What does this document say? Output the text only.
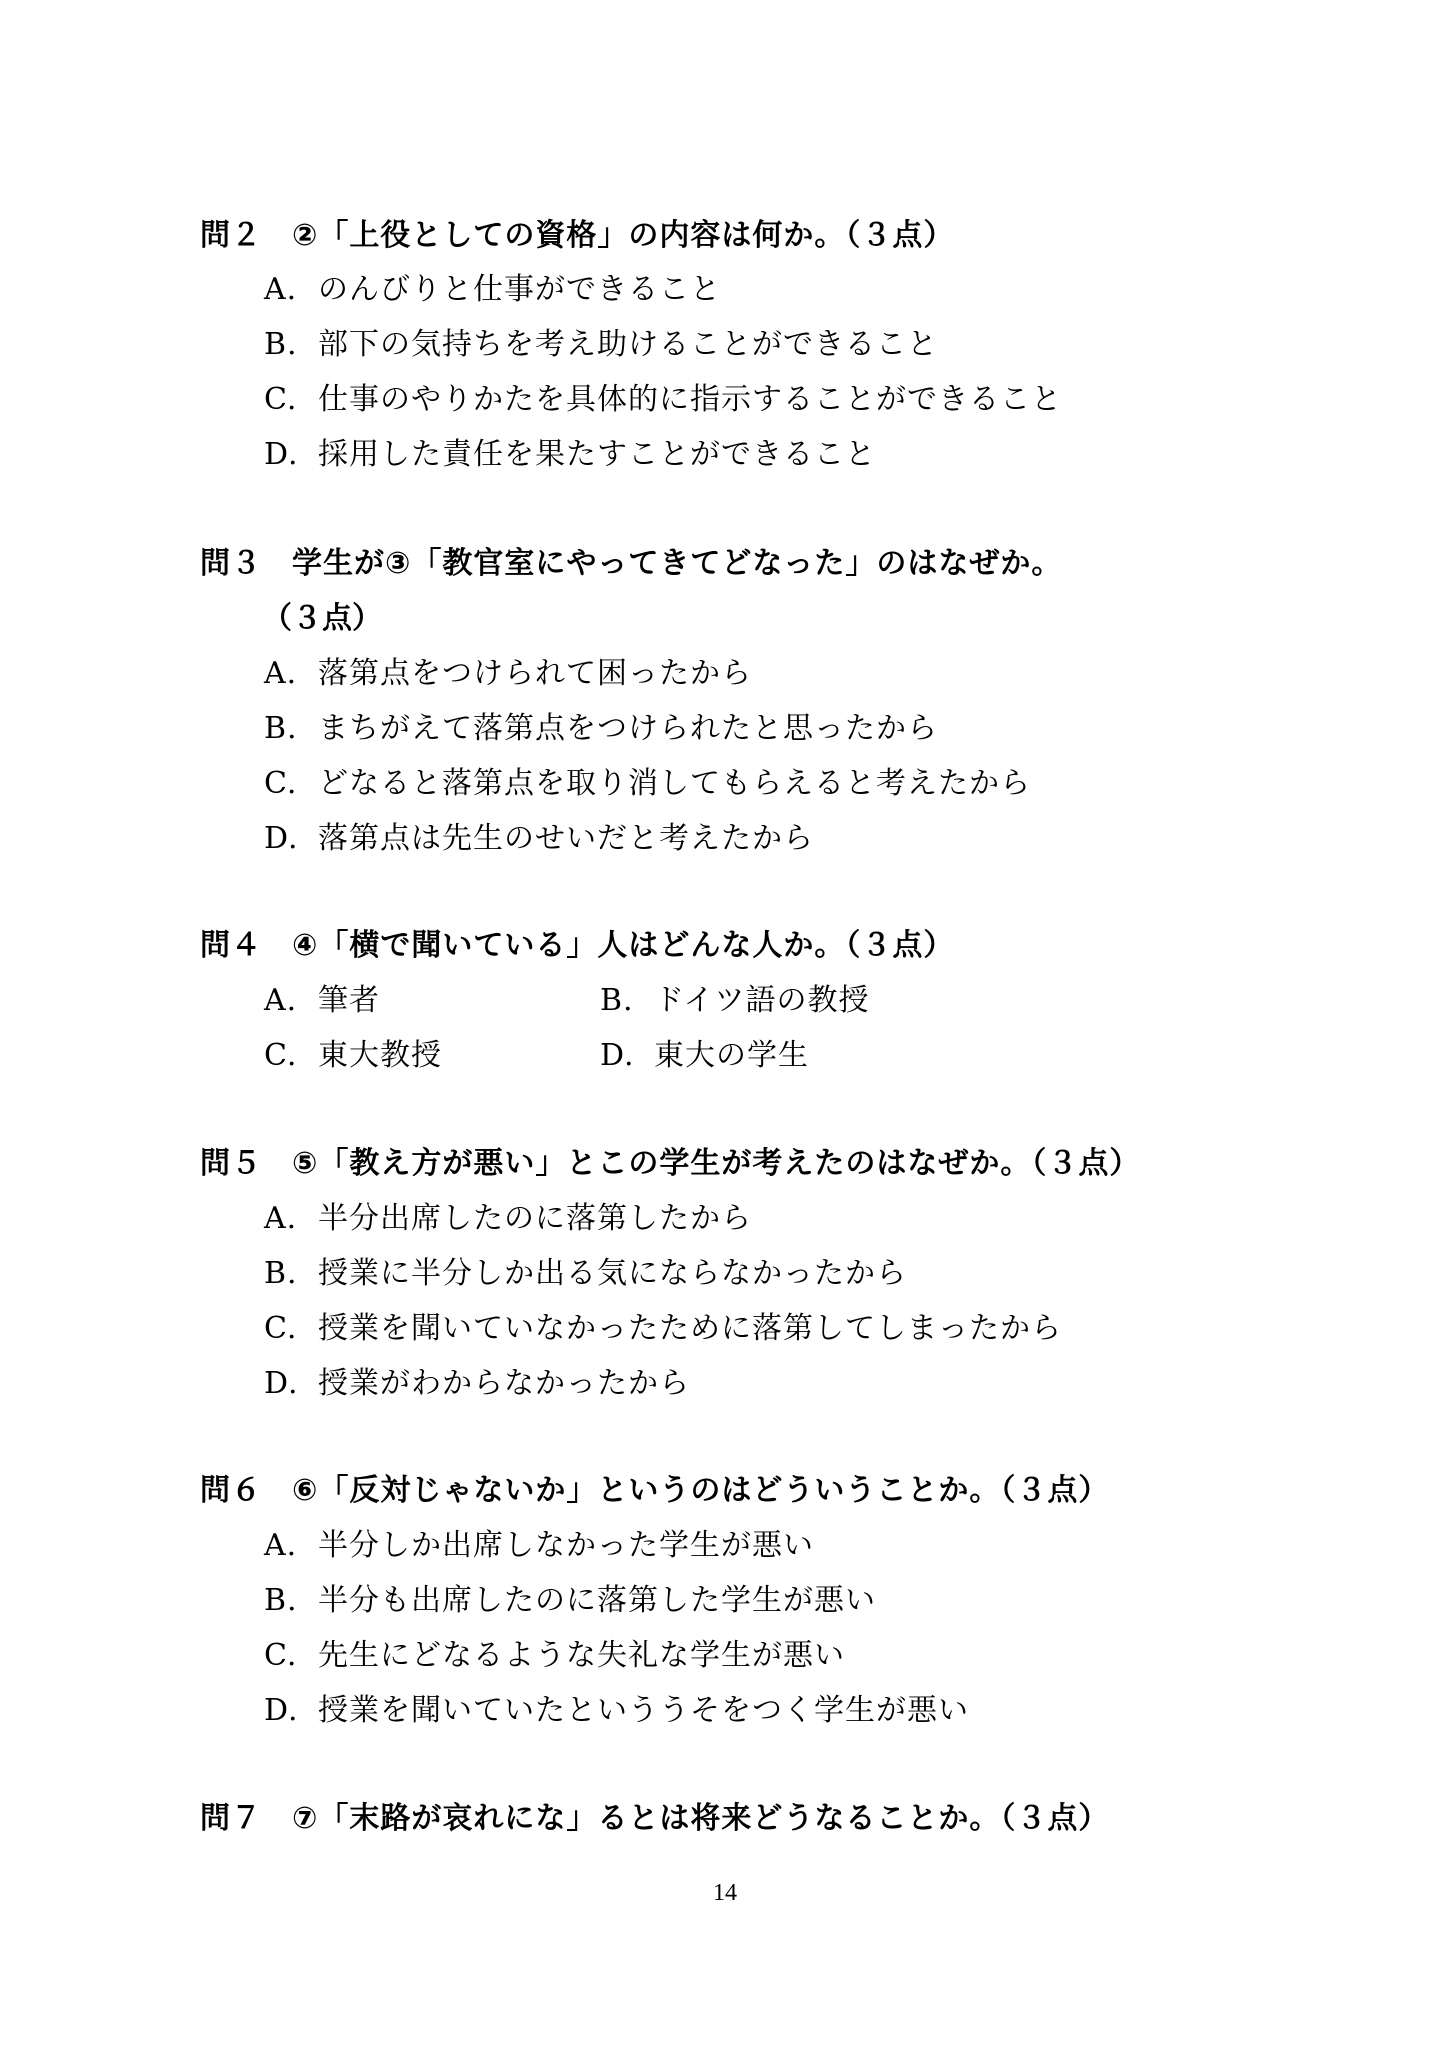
問２ ②「上役としての資格」の内容は何か。（３点）
A. のんびりと仕事ができること
B. 部下の気持ちを考え助けることができること
C. 仕事のやりかたを具体的に指示することができること
D. 採用した責任を果たすことができること
問３ 学生が③「教官室にやってきてどなった」のはなぜか。
（３点）
A. 落第点をつけられて困ったから
B. まちがえて落第点をつけられたと思ったから
C. どなると落第点を取り消してもらえると考えたから
D. 落第点は先生のせいだと考えたから
問４ ④「横で聞いている」人はどんな人か。（３点）
A. 筆者	B. ドイツ語の教授
C. 東大教授	D. 東大の学生
問５ ⑤「教え方が悪い」とこの学生が考えたのはなぜか。（３点）
A. 半分出席したのに落第したから
B. 授業に半分しか出る気にならなかったから
C. 授業を聞いていなかったために落第してしまったから
D. 授業がわからなかったから
問６ ⑥「反対じゃないか」というのはどういうことか。（３点）
A. 半分しか出席しなかった学生が悪い
B. 半分も出席したのに落第した学生が悪い
C. 先生にどなるような失礼な学生が悪い
D. 授業を聞いていたといううそをつく学生が悪い
問７ ⑦「末路が哀れにな」るとは将来どうなることか。（３点）
14
